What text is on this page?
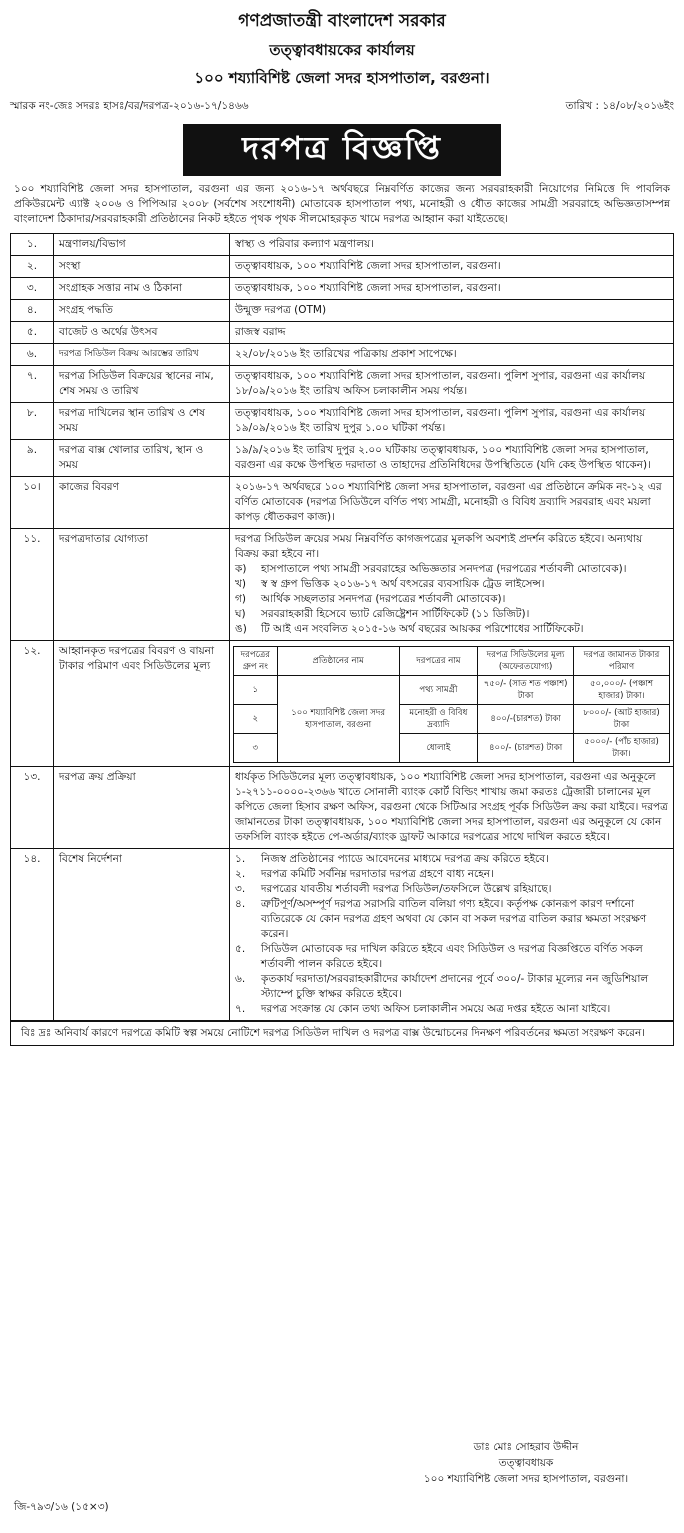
গণপ্রজাতন্ত্রী বাংলাদেশ সরকার
তত্ত্বাবধায়কের কার্যালয়
১০০ শয্যাবিশিষ্ট জেলা সদর হাসপাতাল, বরগুনা।
স্মারক নং-জেঃ সদরঃ হাসঃ/বর/দরপত্র-২০১৬-১৭/১৪৬৬	তারিখ : ১৪/০৮/২০১৬ইং
দরপত্র বিজ্ঞপ্তি
১০০ শয্যাবিশিষ্ট জেলা সদর হাসপাতাল, বরগুনা এর জন্য ২০১৬-১৭ অর্থবছরে নিম্নবর্ণিত কাজের জন্য সরবরাহকারী নিয়োগের নিমিত্তে দি পাবলিক প্রকিউরমেন্ট এ্যাক্ট ২০০৬ ও পিপিআর ২০০৮ (সর্বশেষ সংশোধনী) মোতাবেক হাসপাতাল পথ্য, মনোহরী ও ধৌত কাজের সামগ্রী সরবরাহে অভিজ্ঞতাসম্পন্ন বাংলাদেশ ঠিকাদার/সরবরাহকারী প্রতিষ্ঠানের নিকট হইতে পৃথক পৃথক সীলমোহরকৃত খামে দরপত্র আহ্বান করা যাইতেছে।
১.	মন্ত্রণালয়/বিভাগ	স্বাস্থ্য ও পরিবার কল্যাণ মন্ত্রণালয়।
২.	সংস্থা	তত্ত্বাবধায়ক, ১০০ শয্যাবিশিষ্ট জেলা সদর হাসপাতাল, বরগুনা।
৩.	সংগ্রাহক সত্তার নাম ও ঠিকানা	তত্ত্বাবধায়ক, ১০০ শয্যাবিশিষ্ট জেলা সদর হাসপাতাল, বরগুনা।
৪.	সংগ্রহ পদ্ধতি	উন্মুক্ত দরপত্র (OTM)
৫.	বাজেট ও অর্থের উৎসব	রাজস্ব বরাদ্দ
৬.	দরপত্র সিডিউল বিক্রয় আরম্ভের তারিখ	২২/০৮/২০১৬ ইং তারিখের পত্রিকায় প্রকাশ সাপেক্ষে।
৭.	দরপত্র সিডিউল বিক্রয়ের স্থানের নাম, শেষ সময় ও তারিখ	তত্ত্বাবধায়ক, ১০০ শয্যাবিশিষ্ট জেলা সদর হাসপাতাল, বরগুনা। পুলিশ সুপার, বরগুনা এর কার্যালয় ১৮/০৯/২০১৬ ইং তারিখ অফিস চলাকালীন সময় পর্যন্ত।
৮.	দরপত্র দাখিলের স্থান তারিখ ও শেষ সময়	তত্ত্বাবধায়ক, ১০০ শয্যাবিশিষ্ট জেলা সদর হাসপাতাল, বরগুনা। পুলিশ সুপার, বরগুনা এর কার্যালয় ১৯/০৯/২০১৬ ইং তারিখ দুপুর ১.০০ ঘটিকা পর্যন্ত।
৯.	দরপত্র বাক্স খোলার তারিখ, স্থান ও সময়	১৯/৯/২০১৬ ইং তারিখ দুপুর ২.০০ ঘটিকায় তত্ত্বাবধায়ক, ১০০ শয্যাবিশিষ্ট জেলা সদর হাসপাতাল, বরগুনা এর কক্ষে উপস্থিত দরদাতা ও তাহাদের প্রতিনিধিদের উপস্থিতিতে (যদি কেহ উপস্থিত থাকেন)।
১০।	কাজের বিবরণ	২০১৬-১৭ অর্থবছরে ১০০ শয্যাবিশিষ্ট জেলা সদর হাসপাতাল, বরগুনা এর প্রতিষ্ঠানে ক্রমিক নং-১২ এর বর্ণিত মোতাবেক (দরপত্র সিডিউলে বর্ণিত পথ্য সামগ্রী, মনোহরী ও বিবিধ দ্রব্যাদি সরবরাহ এবং ময়লা কাপড় ধৌতকরণ কাজ)।
১১.	দরপত্রদাতার যোগ্যতা	দরপত্র সিডিউল ক্রয়ের সময় নিম্নবর্ণিত কাগজপত্রের মূলকপি অবশ্যই প্রদর্শন করিতে হইবে। অন্যথায় বিক্রয় করা হইবে না।
ক)	হাসপাতালে পথ্য সামগ্রী সরবরাহের অভিজ্ঞতার সনদপত্র (দরপত্রের শর্তাবলী মোতাবেক)।
খ)	স্ব স্ব গ্রুপ ভিত্তিক ২০১৬-১৭ অর্থ বৎসরের ব্যবসায়িক ট্রেড লাইসেন্স।
গ)	আর্থিক সচ্ছলতার সনদপত্র (দরপত্রের শর্তাবলী মোতাবেক)।
ঘ)	সরবরাহকারী হিসেবে ভ্যাট রেজিষ্ট্রেশন সার্টিফিকেট (১১ ডিজিট)।
ঙ)	টি আই এন সংবলিত ২০১৫-১৬ অর্থ বছরের আয়কর পরিশোধের সার্টিফিকেট।

১২.	আহ্বানকৃত দরপত্রের বিবরণ ও বায়না টাকার পরিমাণ এবং সিডিউলের মূল্য	
দরপত্রের গ্রুপ নং	প্রতিষ্ঠানের নাম	দরপত্রের নাম	দরপত্র সিডিউলের মূল্য (অফেরতযোগ্য)	দরপত্র জামানত টাকার পরিমাণ
১	১০০ শয্যাবিশিষ্ট জেলা সদর হাসপাতাল, বরগুনা	পথ্য সামগ্রী	৭৫০/- (সাত শত পঞ্চাশ) টাকা	৫০,০০০/- (পঞ্চাশ হাজার) টাকা।
২	মনোহরী ও বিবিধ দ্রব্যাদি	৪০০/-(চারশত) টাকা	৮০০০/- (আট হাজার) টাকা
৩	ধোলাই	৪০০/- (চারশত) টাকা	৫০০০/- (পাঁচ হাজার) টাকা।

১৩.	দরপত্র ক্রয় প্রক্রিয়া	ধার্যকৃত সিডিউলের মূল্য তত্ত্বাবধায়ক, ১০০ শয্যাবিশিষ্ট জেলা সদর হাসপাতাল, বরগুনা এর অনুকূলে ১-২৭১১-০০০০-২৩৬৬ খাতে সোনালী ব্যাংক কোর্ট বিল্ডিং শাখায় জমা করতঃ ট্রেজারী চালানের মূল কপিতে জেলা হিসাব রক্ষণ অফিস, বরগুনা থেকে সিটিআর সংগ্রহ পূর্বক সিডিউল ক্রয় করা যাইবে। দরপত্র জামানতের টাকা তত্ত্বাবধায়ক, ১০০ শয্যাবিশিষ্ট জেলা সদর হাসপাতাল, বরগুনা এর অনুকূলে যে কোন তফসিলি ব্যাংক হইতে পে-অর্ডার/ব্যাংক ড্রাফট আকারে দরপত্রের সাথে দাখিল করতে হইবে।
১৪.	বিশেষ নির্দেশনা	১.	নিজস্ব প্রতিষ্ঠানের প্যাডে আবেদনের মাধ্যমে দরপত্র ক্রয় করিতে হইবে।
২.	দরপত্র কমিটি সর্বনিম্ন দরদাতার দরপত্র গ্রহণে বাধ্য নহেন।
৩.	দরপত্রের যাবতীয় শর্তাবলী দরপত্র সিডিউল/তফসিলে উল্লেখ রহিয়াছে।
৪.	ত্রুটিপূর্ণ/অসম্পূর্ণ দরপত্র সরাসরি বাতিল বলিয়া গণ্য হইবে। কর্তৃপক্ষ কোনরূপ কারণ দর্শানো ব্যতিরেকে যে কোন দরপত্র গ্রহণ অথবা যে কোন বা সকল দরপত্র বাতিল করার ক্ষমতা সংরক্ষণ করেন।
৫.	সিডিউল মোতাবেক দর দাখিল করিতে হইবে এবং সিডিউল ও দরপত্র বিজ্ঞপ্তিতে বর্ণিত সকল শর্তাবলী পালন করিতে হইবে।
৬.	কৃতকার্য দরদাতা/সরবরাহকারীদের কার্যাদেশ প্রদানের পূর্বে ৩০০/- টাকার মূল্যের নন জুডিশিয়াল স্ট্যাম্পে চুক্তি স্বাক্ষর করিতে হইবে।
৭.	দরপত্র সংক্রান্ত যে কোন তথ্য অফিস চলাকালীন সময়ে অত্র দপ্তর হইতে আনা যাইবে।
বিঃ দ্রঃ অনিবার্য কারণে দরপত্রে কমিটি স্বল্প সময়ে নোটিশে দরপত্র সিডিউল দাখিল ও দরপত্র বাক্স উন্মোচনের দিনক্ষণ পরিবর্তনের ক্ষমতা সংরক্ষণ করেন।
ডাঃ মোঃ সোহরাব উদ্দীন
তত্ত্বাবধায়ক
১০০ শয্যাবিশিষ্ট জেলা সদর হাসপাতাল, বরগুনা।
জি-৭৯৩/১৬ (১৫×৩)
